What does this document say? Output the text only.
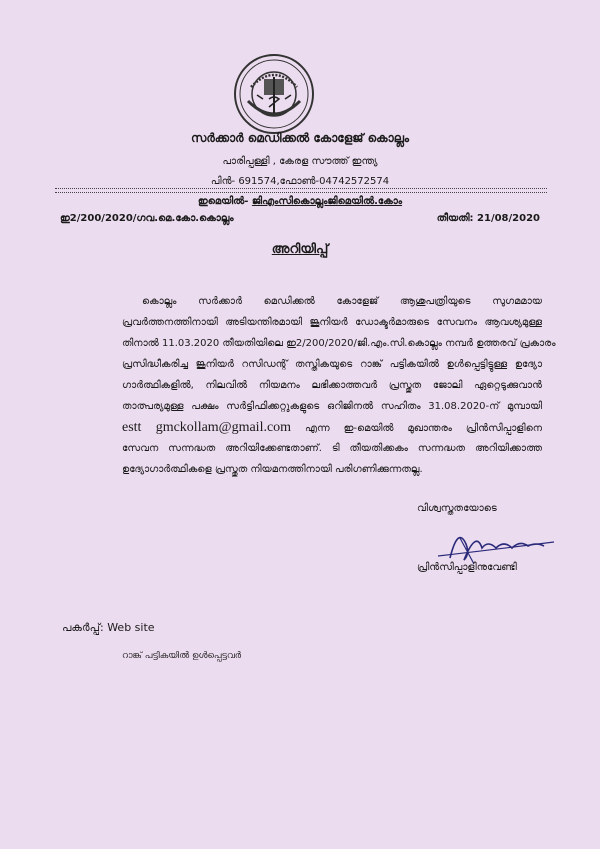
സർക്കാർ മെഡിക്കൽ കോളേജ് കൊല്ലം
പാരിപ്പള്ളി , കേരള സൗത്ത് ഇന്ത്യ
പിൻ- 691574,ഫോൺ-04742572574
ഇമെയിൽ- ജിഎംസികൊല്ലംജിമെയിൽ.കോം
ഇ2/200/2020/ഗവ.മെ.കോ.കൊല്ലം	തീയതി: 21/08/2020
അറിയിപ്പ്
കൊല്ലം സർക്കാർ മെഡിക്കൽ കോളേജ് ആശുപത്രിയുടെ സുഗമമായ
പ്രവർത്തനത്തിനായി അടിയന്തിരമായി ജൂനിയർ ഡോക്ടർമാരുടെ സേവനം ആവശ്യമുള്ള
തിനാൽ 11.03.2020 തീയതിയിലെ ഇ2/200/2020/ജി.എം.സി.കൊല്ലം നമ്പർ ഉത്തരവ് പ്രകാരം
പ്രസിദ്ധീകരിച്ച ജൂനിയർ റസിഡന്റ് തസ്തികയുടെ റാങ്ക് പട്ടികയിൽ ഉൾപ്പെട്ടിട്ടുള്ള ഉദ്യോ
ഗാർത്ഥികളിൽ, നിലവിൽ നിയമനം ലഭിക്കാത്തവർ പ്രസ്തുത ജോലി ഏറ്റെടുക്കുവാൻ
താത്പര്യമുള്ള പക്ഷം സർട്ടിഫിക്കറ്റുകളുടെ ഒറിജിനൽ സഹിതം 31.08.2020-ന് മുമ്പായി
estt gmckollam@gmail.com എന്ന ഇ-മെയിൽ മുഖാന്തരം പ്രിൻസിപ്പാളിനെ
സേവന സന്നദ്ധത അറിയിക്കേണ്ടതാണ്. ടി തീയതിക്കകം സന്നദ്ധത അറിയിക്കാത്ത
ഉദ്യോഗാർത്ഥികളെ പ്രസ്തുത നിയമനത്തിനായി പരിഗണിക്കുന്നതല്ല.
വിശ്വസ്തതയോടെ
പ്രിൻസിപ്പാളിനുവേണ്ടി
പകർപ്പ്: Web site
റാങ്ക് പട്ടികയിൽ ഉൾപ്പെട്ടവർ
